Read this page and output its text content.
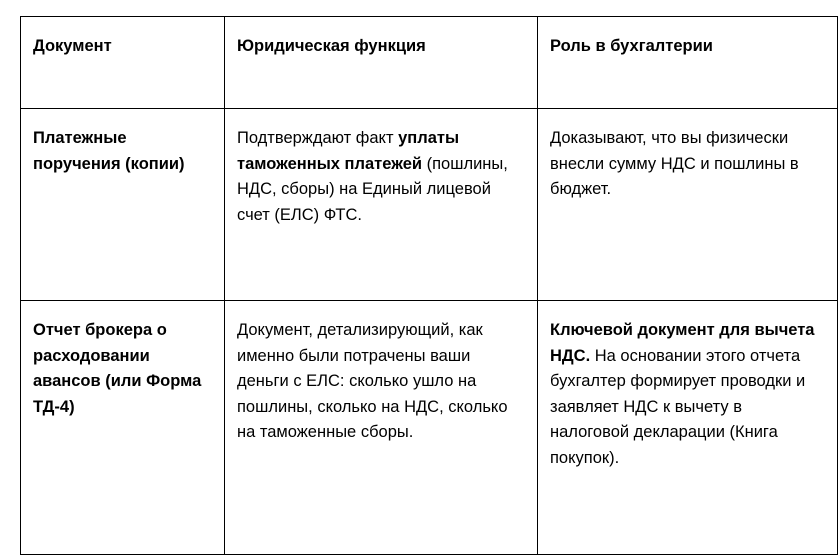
Документ	Юридическая функция	Роль в бухгалтерии
Платежные поручения (копии)	Подтверждают факт уплаты таможенных платежей (пошлины, НДС, сборы) на Единый лицевой счет (ЕЛС) ФТС.	Доказывают, что вы физически внесли сумму НДС и пошлины в бюджет.
Отчет брокера о расходовании авансов (или Форма ТД-4)	Документ, детализирующий, как именно были потрачены ваши деньги с ЕЛС: сколько ушло на пошлины, сколько на НДС, сколько на таможенные сборы.	Ключевой документ для вычета НДС. На основании этого отчета бухгалтер формирует проводки и заявляет НДС к вычету в налоговой декларации (Книга покупок).
